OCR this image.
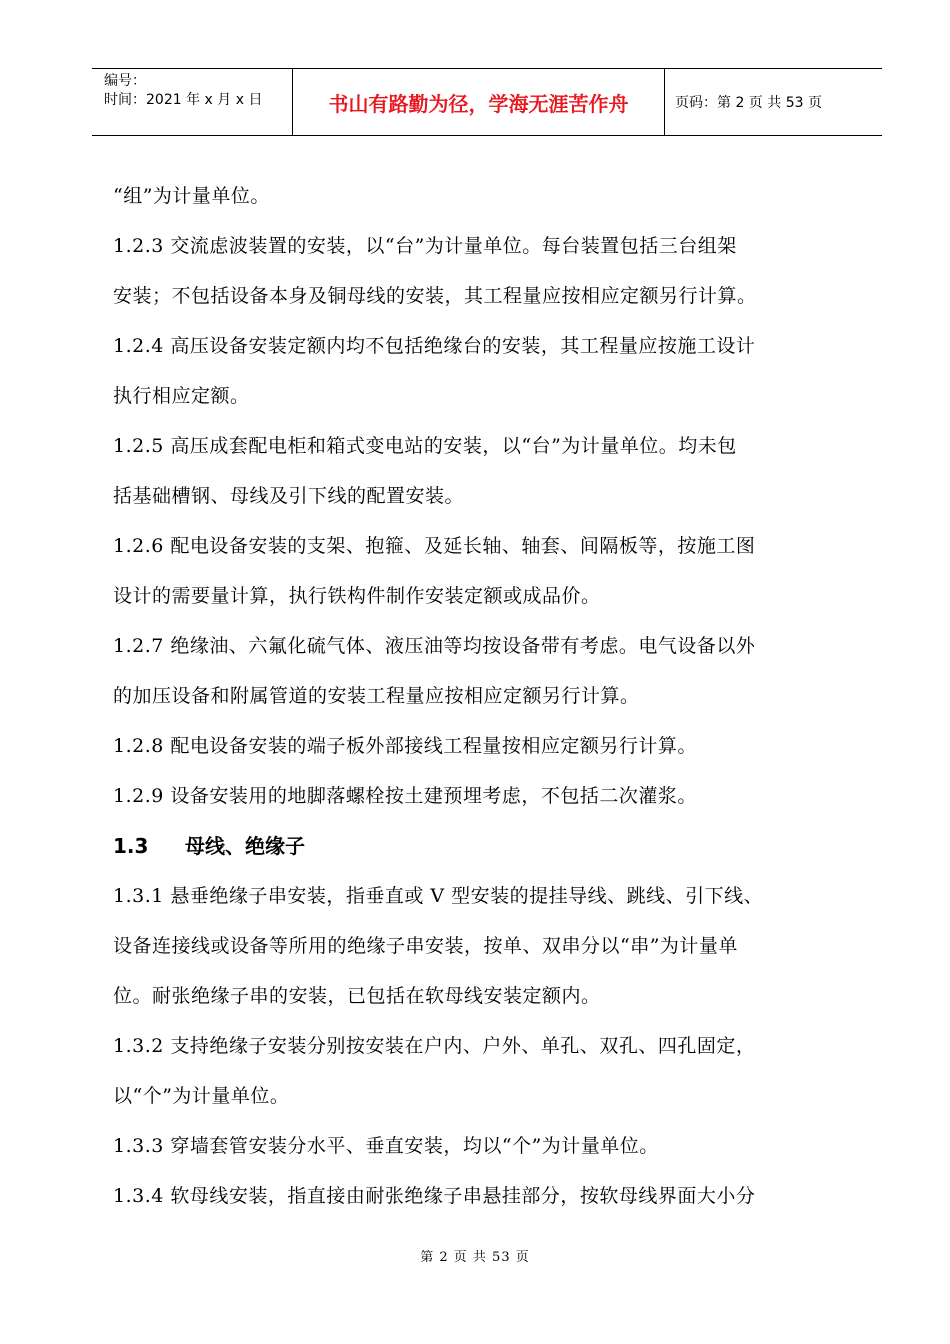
编号：
时间：2021 年 x 月 x 日	书山有路勤为径，学海无涯苦作舟	页码：第 2 页 共 53 页

“组”为计量单位。

1.2.3 交流虑波装置的安装，以“台”为计量单位。每台装置包括三台组架

安装；不包括设备本身及铜母线的安装，其工程量应按相应定额另行计算。

1.2.4 高压设备安装定额内均不包括绝缘台的安装，其工程量应按施工设计

执行相应定额。

1.2.5 高压成套配电柜和箱式变电站的安装，以“台”为计量单位。均未包

括基础槽钢、母线及引下线的配置安装。

1.2.6 配电设备安装的支架、抱箍、及延长轴、轴套、间隔板等，按施工图

设计的需要量计算，执行铁构件制作安装定额或成品价。

1.2.7 绝缘油、六氟化硫气体、液压油等均按设备带有考虑。电气设备以外

的加压设备和附属管道的安装工程量应按相应定额另行计算。

1.2.8 配电设备安装的端子板外部接线工程量按相应定额另行计算。

1.2.9 设备安装用的地脚落螺栓按土建预埋考虑，不包括二次灌浆。

1.3 母线、绝缘子

1.3.1 悬垂绝缘子串安装，指垂直或 V 型安装的提挂导线、跳线、引下线、

设备连接线或设备等所用的绝缘子串安装，按单、双串分以“串”为计量单

位。耐张绝缘子串的安装，已包括在软母线安装定额内。

1.3.2 支持绝缘子安装分别按安装在户内、户外、单孔、双孔、四孔固定，

以“个”为计量单位。

1.3.3 穿墙套管安装分水平、垂直安装，均以“个”为计量单位。

1.3.4 软母线安装，指直接由耐张绝缘子串悬挂部分，按软母线界面大小分

第 2 页 共 53 页
